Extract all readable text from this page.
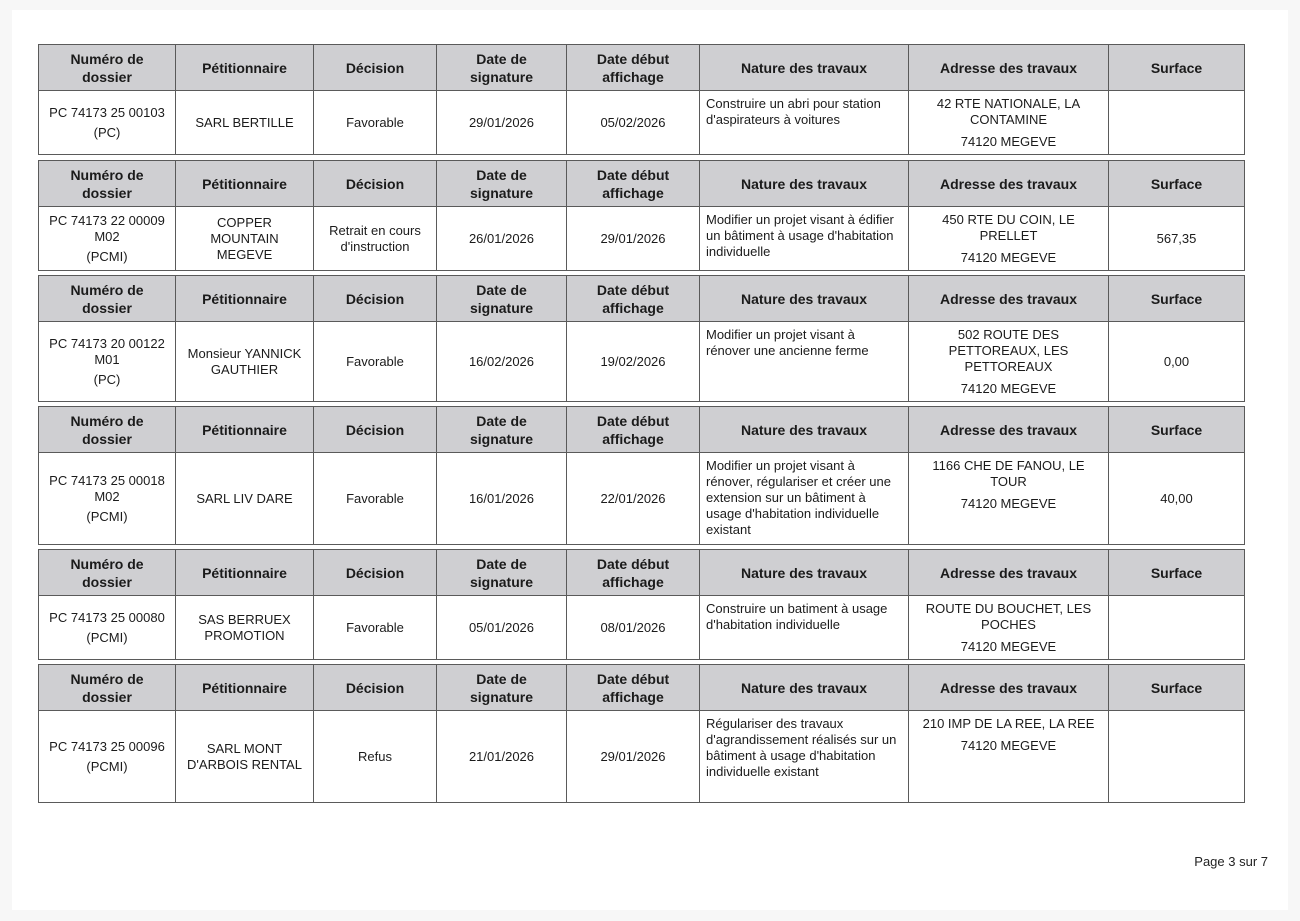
Numéro de dossier	Pétitionnaire	Décision	Date de signature	Date début affichage	Nature des travaux	Adresse des travaux	Surface

PC 74173 25 00103
(PC)	SARL BERTILLE	Favorable	29/01/2026	05/02/2026	Construire un abri pour station d'aspirateurs à voitures	42 RTE NATIONALE, LA CONTAMINE
74120 MEGEVE	

Numéro de dossier	Pétitionnaire	Décision	Date de signature	Date début affichage	Nature des travaux	Adresse des travaux	Surface

PC 74173 22 00009 M02
(PCMI)	COPPER MOUNTAIN MEGEVE	Retrait en cours d'instruction	26/01/2026	29/01/2026	Modifier un projet visant à édifier un bâtiment à usage d'habitation individuelle	450 RTE DU COIN, LE PRELLET
74120 MEGEVE	567,35
Numéro de dossier	Pétitionnaire	Décision	Date de signature	Date début affichage	Nature des travaux	Adresse des travaux	Surface

PC 74173 20 00122 M01
(PC)	Monsieur YANNICK GAUTHIER	Favorable	16/02/2026	19/02/2026	Modifier un projet visant à rénover une ancienne ferme	502 ROUTE DES PETTOREAUX, LES PETTOREAUX
74120 MEGEVE	0,00
Numéro de dossier	Pétitionnaire	Décision	Date de signature	Date début affichage	Nature des travaux	Adresse des travaux	Surface

PC 74173 25 00018 M02
(PCMI)	SARL LIV DARE	Favorable	16/01/2026	22/01/2026	Modifier un projet visant à rénover, régulariser et créer une extension sur un bâtiment à usage d'habitation individuelle existant	1166 CHE DE FANOU, LE TOUR
74120 MEGEVE	40,00
Numéro de dossier	Pétitionnaire	Décision	Date de signature	Date début affichage	Nature des travaux	Adresse des travaux	Surface

PC 74173 25 00080
(PCMI)	SAS BERRUEX PROMOTION	Favorable	05/01/2026	08/01/2026	Construire un batiment à usage d'habitation individuelle	ROUTE DU BOUCHET, LES POCHES
74120 MEGEVE	

Numéro de dossier	Pétitionnaire	Décision	Date de signature	Date début affichage	Nature des travaux	Adresse des travaux	Surface

PC 74173 25 00096
(PCMI)	SARL MONT D'ARBOIS RENTAL	Refus	21/01/2026	29/01/2026	Régulariser des travaux d'agrandissement réalisés sur un bâtiment à usage d'habitation individuelle existant	210 IMP DE LA REE, LA REE
74120 MEGEVE	

Page 3 sur 7
